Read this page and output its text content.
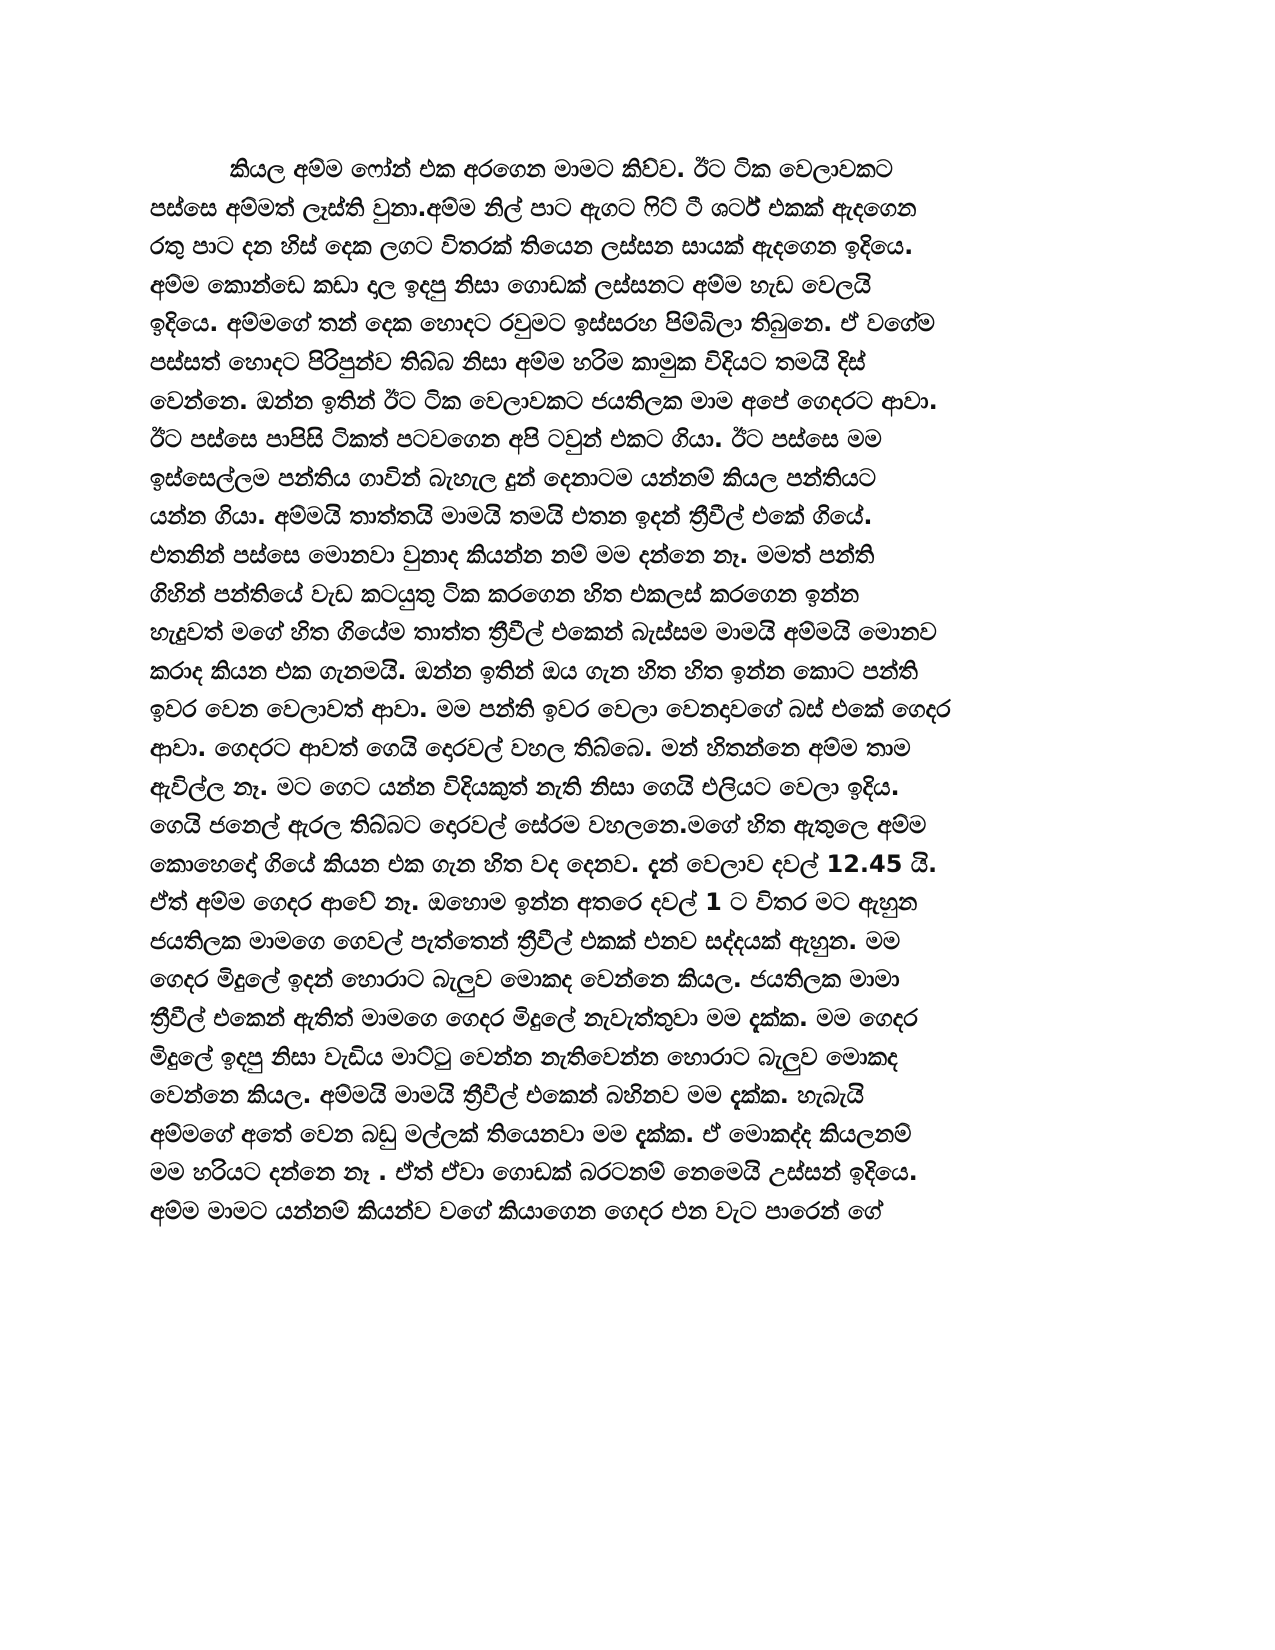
කියල අම්ම ෆෝන් එක අරගෙන මාමට කිව්ව. ඊට ටික වෙලාවකට
පස්සෙ අම්මත් ලෑස්ති වුනා.අම්ම නිල් පාට ඇගට ෆිට් ටී ශර්ට් එකක් ඇදගෙන
රතු පාට දන හිස් දෙක ලගට විතරක් තියෙන ලස්සන සායක් ඇදගෙන ඉදියෙ.
අම්ම කොන්ඩෙ කඩා දාල ඉදපු නිසා ගොඩක් ලස්සනට අම්ම හැඩ වෙලයි
ඉදියෙ. අම්මගේ තන් දෙක හොදට රවුමට ඉස්සරහ පිම්බිලා තිබුනෙ. ඒ වගේම
පස්සත් හොදට පිරිපුන්ව තිබ්බ නිසා අම්ම හරිම කාමුක විදියට තමයි දිස්
වෙන්නෙ. ඔන්න ඉතින් ඊට ටික වෙලාවකට ජයතිලක මාම අපේ ගෙදරට ආවා.
ඊට පස්සෙ පාපිසි ටිකත් පටවගෙන අපි ටවුන් එකට ගියා. ඊට පස්සෙ මම
ඉස්සෙල්ලම පන්තිය ගාවින් බැහැල දුන් දෙනාටම යන්නම් කියල පන්තියට
යන්න ගියා. අම්මයි තාත්තයි මාමයි තමයි එතන ඉදන් ත්‍රීවීල් එකේ ගියේ.
එතනින් පස්සෙ මොනවා වුනාද කියන්න නම් මම දන්නෙ නෑ. මමත් පන්ති
ගිහින් පන්තියේ වැඩ කටයුතු ටික කරගෙන හිත එකලස් කරගෙන ඉන්න
හැදුවත් මගේ හිත ගියේම තාත්ත ත්‍රීවීල් එකෙන් බැස්සම මාමයි අම්මයි මොනව
කරාද කියන එක ගැනමයි. ඔන්න ඉතින් ඔය ගැන හිත හිත ඉන්න කොට පන්ති
ඉවර වෙන වෙලාවත් ආවා. මම පන්ති ඉවර වෙලා වෙනදාවගේ බස් එකේ ගෙදර
ආවා. ගෙදරට ආවත් ගෙයි දොරවල් වහල තිබ්බෙ. මන් හිතන්නෙ අම්ම තාම
ඇවිල්ල නෑ. මට ගෙට යන්න විදියකුත් නැති නිසා ගෙයි එලියට වෙලා ඉදිය.
ගෙයි ජනෙල් ඇරල තිබ්බට දොරවල් සේරම වහලනෙ.මගේ හිත ඇතුලෙ අම්ම
කොහෙදෝ ගියේ කියන එක ගැන හිත වද දෙනව. දැන් වෙලාව දවල් 12.45 යි.
ඒත් අම්ම ගෙදර ආවේ නෑ. ඔහොම ඉන්න අතරෙ දවල් 1 ට විතර මට ඇහුන
ජයතිලක මාමගෙ ගෙවල් පැත්තෙන් ත්‍රීවීල් එකක් එනව සද්දයක් ඇහුන. මම
ගෙදර මිදුලේ ඉදන් හොරාට බැලුව මොකද වෙන්නෙ කියල. ජයතිලක මාමා
ත්‍රීවීල් එකෙන් ඇතිත් මාමගෙ ගෙදර මිදුලේ නැවැත්තුවා මම දැක්ක. මම ගෙදර
මිදුලේ ඉදපු නිසා වැඩිය මාට්ටු වෙන්න නැතිවෙන්න හොරාට බැලුව මොකද
වෙන්නෙ කියල. අම්මයි මාමයි ත්‍රීවීල් එකෙන් බහිනව මම දැක්ක. හැබැයි
අම්මගේ අතේ වෙන බඩු මල්ලක් තියෙනවා මම දැක්ක. ඒ මොකද්ද කියලනම්
මම හරියට දන්නෙ නෑ . ඒත් ඒවා ගොඩක් බරටනම් නෙමෙයි උස්සන් ඉදියෙ.
අම්ම මාමට යන්නම් කියන්ව වගේ කියාගෙන ගෙදර එන වැට පාරෙන් ගේ
